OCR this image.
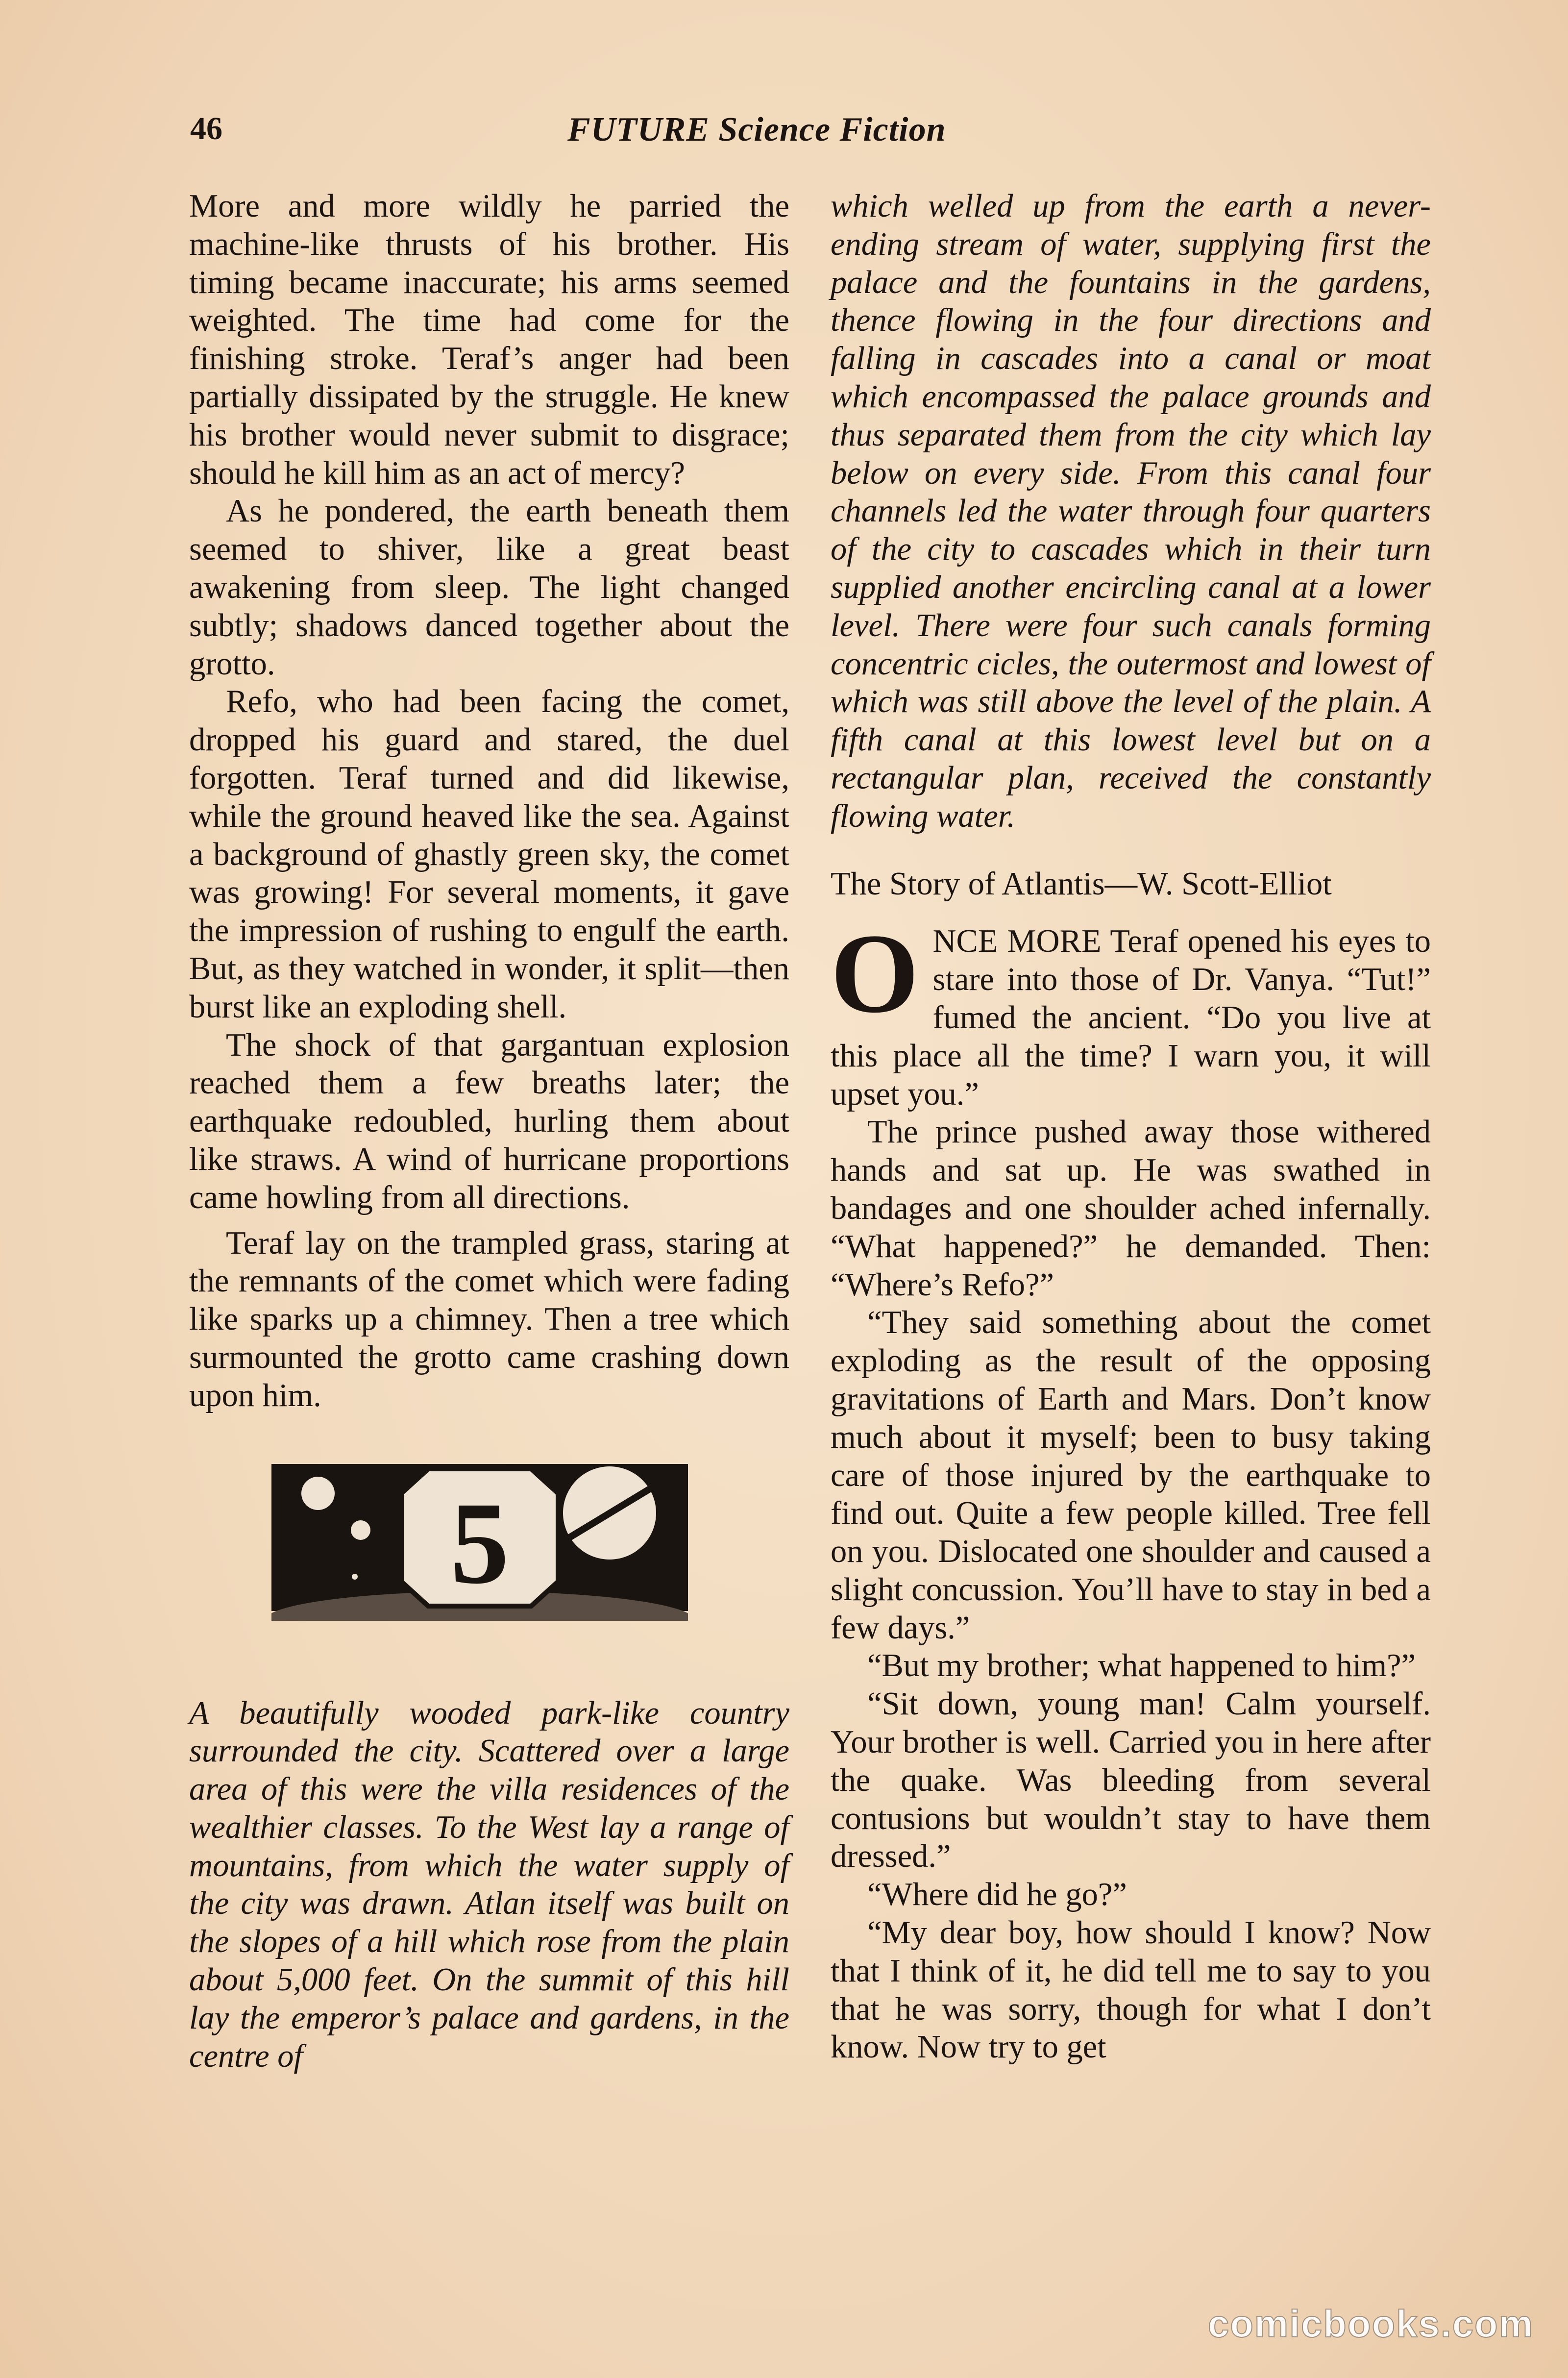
46	FUTURE Science Fiction

More and more wildly he parried the machine-like thrusts of his brother. His timing became inaccurate; his arms seemed weighted. The time had come for the finishing stroke. Teraf’s anger had been partially dissipated by the struggle. He knew his brother would never submit to disgrace; should he kill him as an act of mercy?

As he pondered, the earth beneath them seemed to shiver, like a great beast awakening from sleep. The light changed subtly; shadows danced together about the grotto.

Refo, who had been facing the comet, dropped his guard and stared, the duel forgotten. Teraf turned and did likewise, while the ground heaved like the sea. Against a background of ghastly green sky, the comet was growing! For several moments, it gave the impression of rushing to engulf the earth. But, as they watched in wonder, it split—then burst like an exploding shell.

The shock of that gargantuan explosion reached them a few breaths later; the earthquake redoubled, hurling them about like straws. A wind of hurricane proportions came howling from all directions.

Teraf lay on the trampled grass, staring at the remnants of the comet which were fading like sparks up a chimney. Then a tree which surmounted the grotto came crashing down upon him.

5

A beautifully wooded park-like country surrounded the city. Scattered over a large area of this were the villa residences of the wealthier classes. To the West lay a range of mountains, from which the water supply of the city was drawn. Atlan itself was built on the slopes of a hill which rose from the plain about 5,000 feet. On the summit of this hill lay the emperor’s palace and gardens, in the centre of

which welled up from the earth a never-ending stream of water, supplying first the palace and the fountains in the gardens, thence flowing in the four directions and falling in cascades into a canal or moat which encompassed the palace grounds and thus separated them from the city which lay below on every side. From this canal four channels led the water through four quarters of the city to cascades which in their turn supplied another encircling canal at a lower level. There were four such canals forming concentric cicles, the outermost and lowest of which was still above the level of the plain. A fifth canal at this lowest level but on a rectangular plan, received the constantly flowing water.

The Story of Atlantis—W. Scott-Elliot

ONCE MORE Teraf opened his eyes to stare into those of Dr. Vanya. “Tut!” fumed the ancient. “Do you live at this place all the time? I warn you, it will upset you.”

The prince pushed away those withered hands and sat up. He was swathed in bandages and one shoulder ached infernally. “What happened?” he demanded. Then: “Where’s Refo?”

“They said something about the comet exploding as the result of the opposing gravitations of Earth and Mars. Don’t know much about it myself; been to busy taking care of those injured by the earthquake to find out. Quite a few people killed. Tree fell on you. Dislocated one shoulder and caused a slight concussion. You’ll have to stay in bed a few days.”

“But my brother; what happened to him?”

“Sit down, young man! Calm yourself. Your brother is well. Carried you in here after the quake. Was bleeding from several contusions but wouldn’t stay to have them dressed.”

“Where did he go?”

“My dear boy, how should I know? Now that I think of it, he did tell me to say to you that he was sorry, though for what I don’t know. Now try to get

comicbooks.com
